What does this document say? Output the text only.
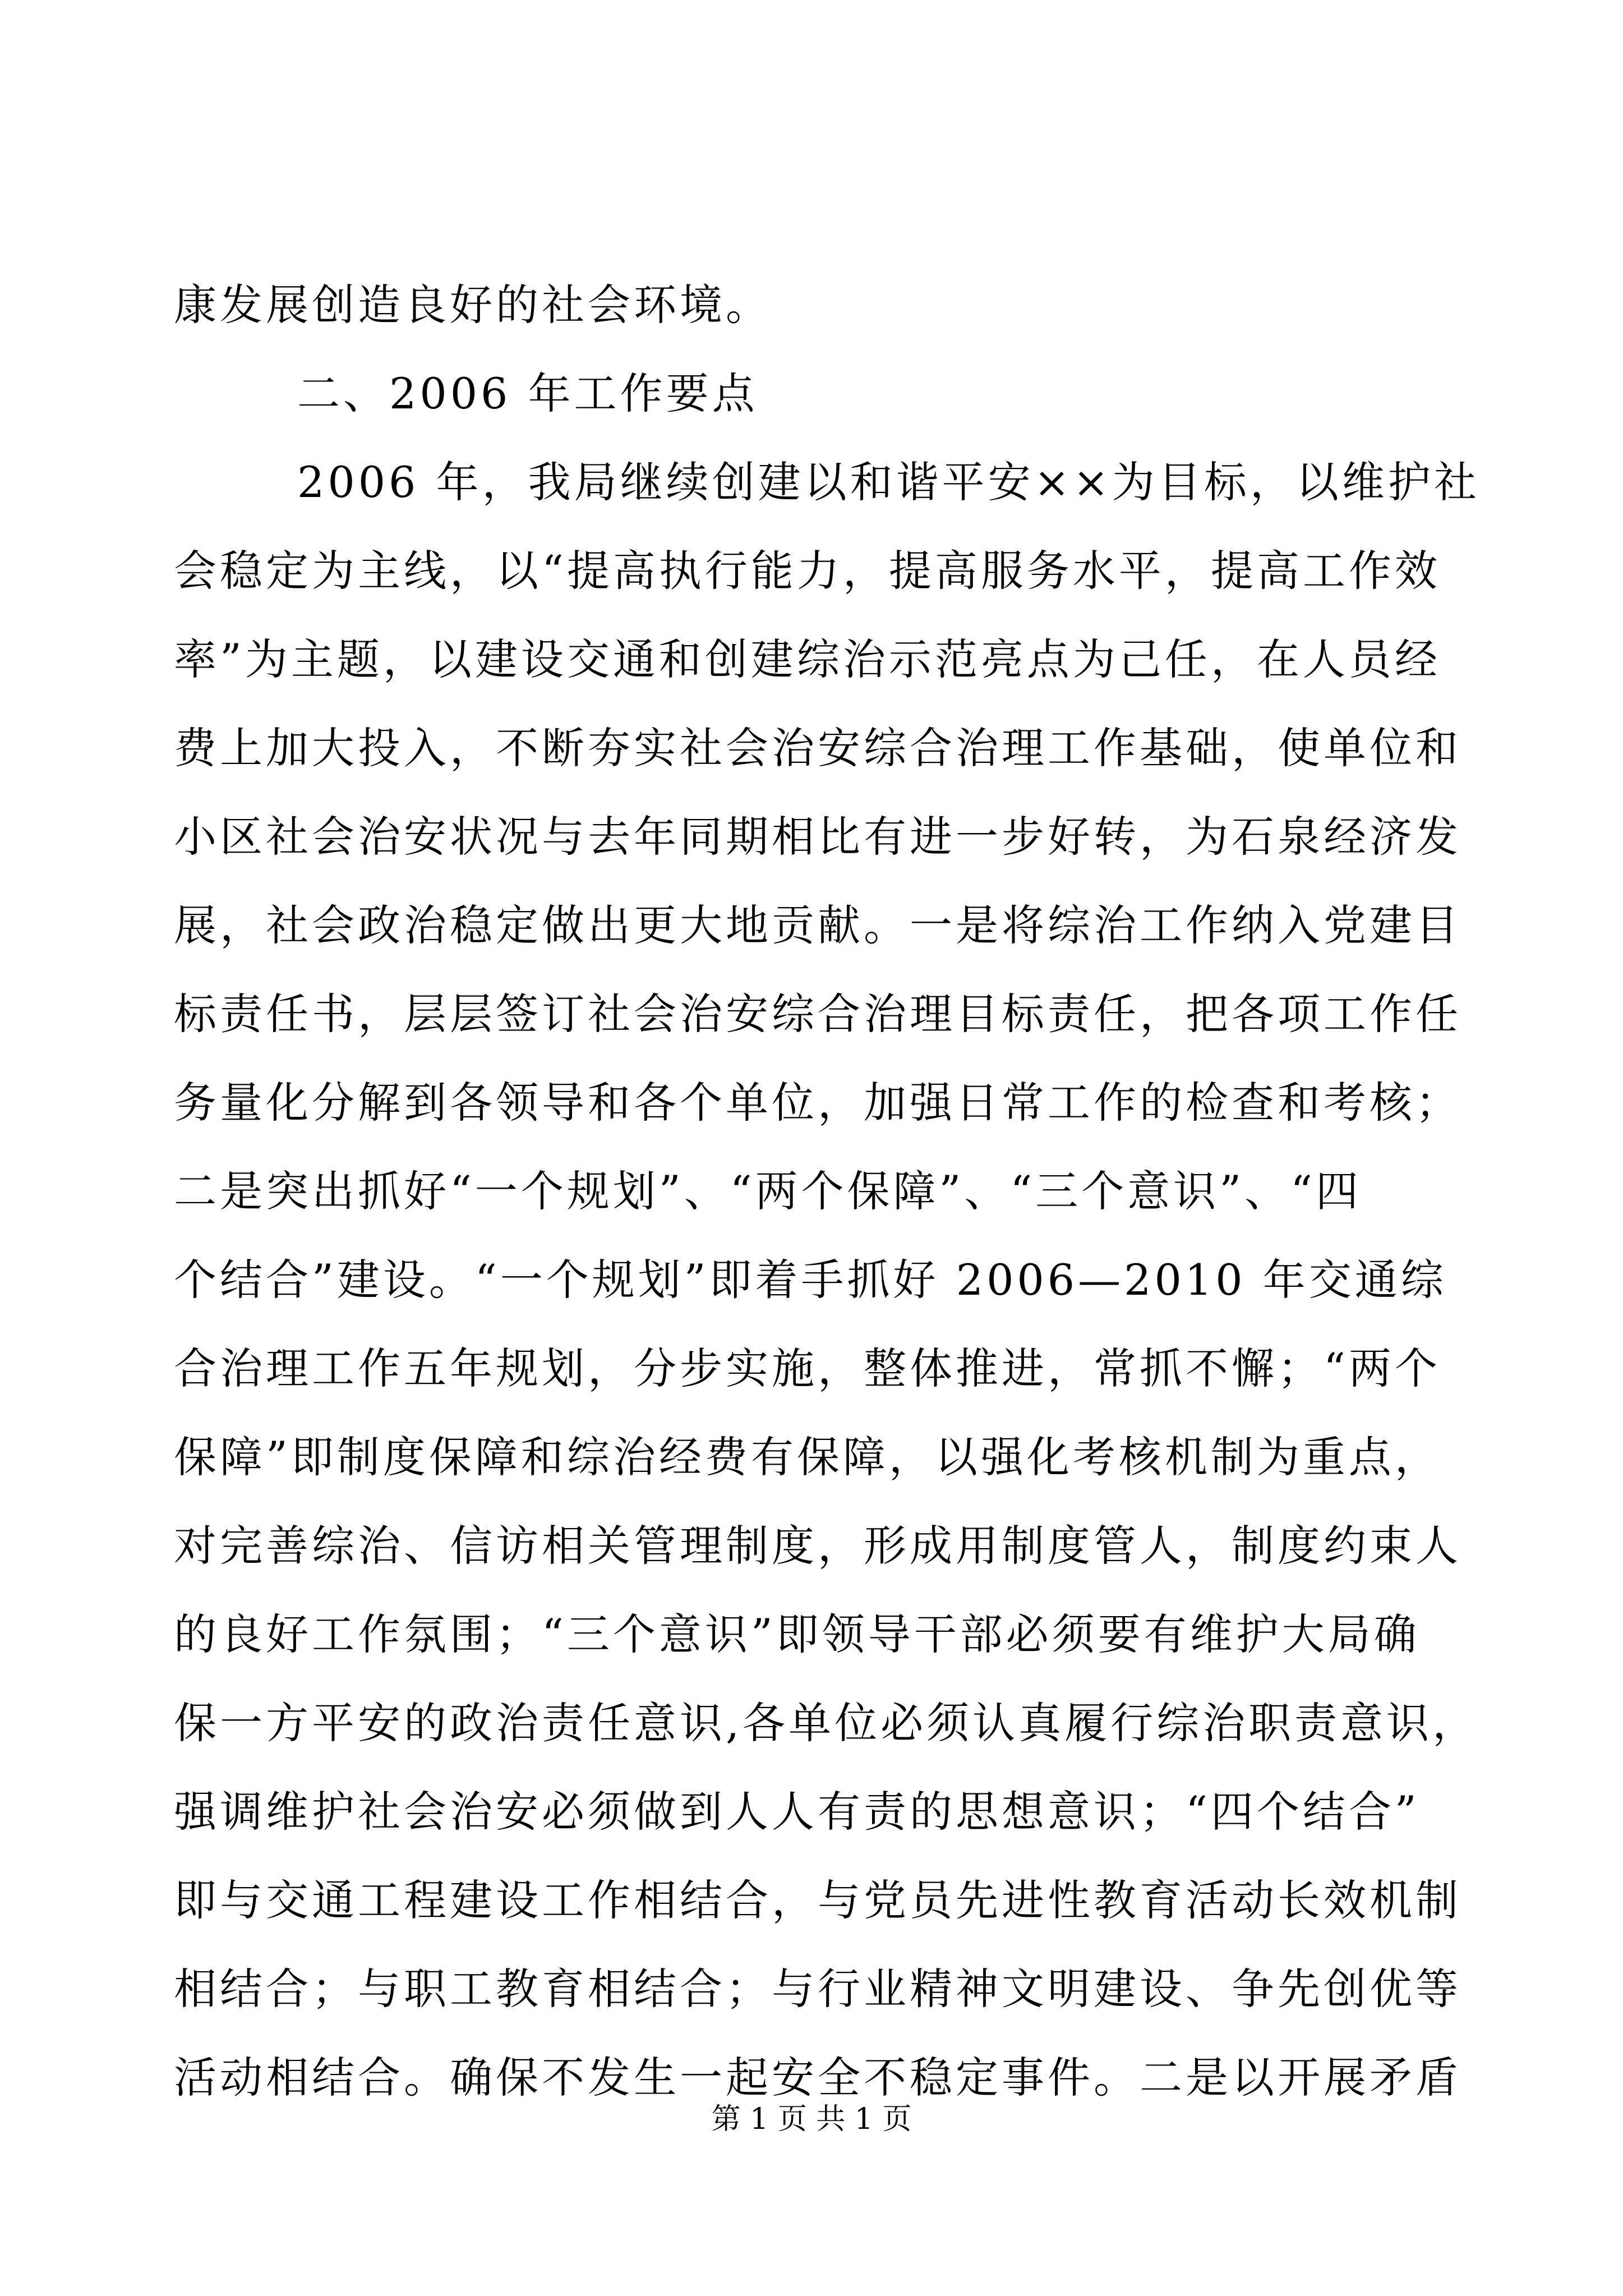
康发展创造良好的社会环境。
二、2006 年工作要点
2006 年，我局继续创建以和谐平安××为目标，以维护社
会稳定为主线，以“提高执行能力，提高服务水平，提高工作效
率”为主题，以建设交通和创建综治示范亮点为己任，在人员经
费上加大投入，不断夯实社会治安综合治理工作基础，使单位和
小区社会治安状况与去年同期相比有进一步好转，为石泉经济发
展，社会政治稳定做出更大地贡献。一是将综治工作纳入党建目
标责任书，层层签订社会治安综合治理目标责任，把各项工作任
务量化分解到各领导和各个单位，加强日常工作的检查和考核；
二是突出抓好“一个规划”、“两个保障”、“三个意识”、“四
个结合”建设。“一个规划”即着手抓好 2006—2010 年交通综
合治理工作五年规划，分步实施，整体推进，常抓不懈；“两个
保障”即制度保障和综治经费有保障，以强化考核机制为重点，
对完善综治、信访相关管理制度，形成用制度管人，制度约束人
的良好工作氛围；“三个意识”即领导干部必须要有维护大局确
保一方平安的政治责任意识,各单位必须认真履行综治职责意识，
强调维护社会治安必须做到人人有责的思想意识；“四个结合”
即与交通工程建设工作相结合，与党员先进性教育活动长效机制
相结合；与职工教育相结合；与行业精神文明建设、争先创优等
活动相结合。确保不发生一起安全不稳定事件。二是以开展矛盾
第 1 页 共 1 页
